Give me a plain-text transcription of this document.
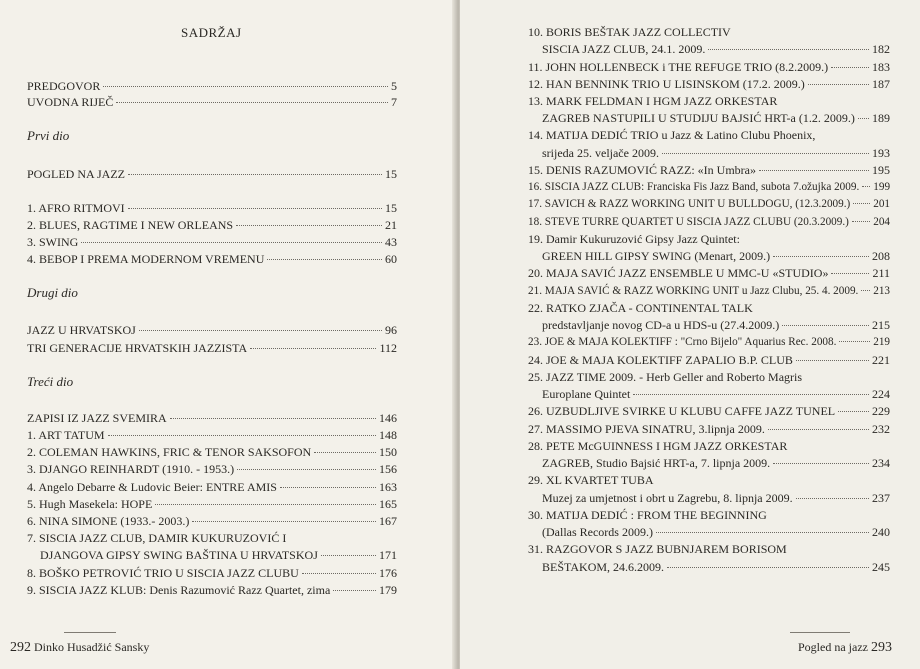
SADRŽAJ
PREDGOVOR	5
UVODNA RIJEČ	7
Prvi dio
POGLED NA JAZZ	15
1. AFRO RITMOVI	15
2. BLUES, RAGTIME I NEW ORLEANS	21
3. SWING	43
4. BEBOP I PREMA MODERNOM VREMENU	60
Drugi dio
JAZZ U HRVATSKOJ	96
TRI GENERACIJE HRVATSKIH JAZZISTA	112
Treći dio
ZAPISI IZ JAZZ SVEMIRA	146
1. ART TATUM	148
2. COLEMAN HAWKINS, FRIC & TENOR SAKSOFON	150
3. DJANGO REINHARDT (1910. - 1953.)	156
4. Angelo Debarre & Ludovic Beier: ENTRE AMIS	163
5. Hugh Masekela: HOPE	165
6. NINA SIMONE (1933.- 2003.)	167
7. SISCIA JAZZ CLUB, DAMIR KUKURUZOVIĆ I
DJANGOVA GIPSY SWING BAŠTINA U HRVATSKOJ	171
8. BOŠKO PETROVIĆ TRIO U SISCIA JAZZ CLUBU	176
9. SISCIA JAZZ KLUB: Denis Razumović Razz Quartet, zima	179
292 Dinko Husadžić Sansky
10. BORIS BEŠTAK JAZZ COLLECTIV
SISCIA JAZZ CLUB, 24.1. 2009.	182
11. JOHN HOLLENBECK i THE REFUGE TRIO (8.2.2009.)	183
12. HAN BENNINK TRIO U LISINSKOM (17.2. 2009.)	187
13. MARK FELDMAN I HGM JAZZ ORKESTAR
ZAGREB NASTUPILI U STUDIJU BAJSIĆ HRT-a (1.2. 2009.) 189
14. MATIJA DEDIĆ TRIO u Jazz & Latino Clubu Phoenix,
srijeda 25. veljače 2009.	193
15. DENIS RAZUMOVIĆ RAZZ: «In Umbra»	195
16. SISCIA JAZZ CLUB: Franciska Fis Jazz Band, subota 7.ožujka 2009. 199
17. SAVICH & RAZZ WORKING UNIT U BULLDOGU, (12.3.2009.) 201
18. STEVE TURRE QUARTET U SISCIA JAZZ CLUBU (20.3.2009.) 204
19. Damir Kukuruzović Gipsy Jazz Quintet:
GREEN HILL GIPSY SWING (Menart, 2009.)	208
20. MAJA SAVIĆ JAZZ ENSEMBLE U MMC-U «STUDIO»	211
21. MAJA SAVIĆ & RAZZ WORKING UNIT u Jazz Clubu, 25. 4. 2009. 213
22. RATKO ZJAČA - CONTINENTAL TALK
predstavljanje novog CD-a u HDS-u (27.4.2009.)	215
23. JOE & MAJA KOLEKTIFF : "Crno Bijelo" Aquarius Rec. 2008.	219
24. JOE & MAJA KOLEKTIFF ZAPALIO B.P. CLUB	221
25. JAZZ TIME 2009. - Herb Geller and Roberto Magris
Europlane Quintet	224
26. UZBUDLJIVE SVIRKE U KLUBU CAFFE JAZZ TUNEL	229
27. MASSIMO PJEVA SINATRU, 3.lipnja 2009.	232
28. PETE McGUINNESS I HGM JAZZ ORKESTAR
ZAGREB, Studio Bajsić HRT-a, 7. lipnja 2009.	234
29. XL KVARTET TUBA
Muzej za umjetnost i obrt u Zagrebu, 8. lipnja 2009.	237
30. MATIJA DEDIĆ : FROM THE BEGINNING
(Dallas Records 2009.)	240
31. RAZGOVOR S JAZZ BUBNJAREM BORISOM
BEŠTAKOM, 24.6.2009.	245
Pogled na jazz 293
